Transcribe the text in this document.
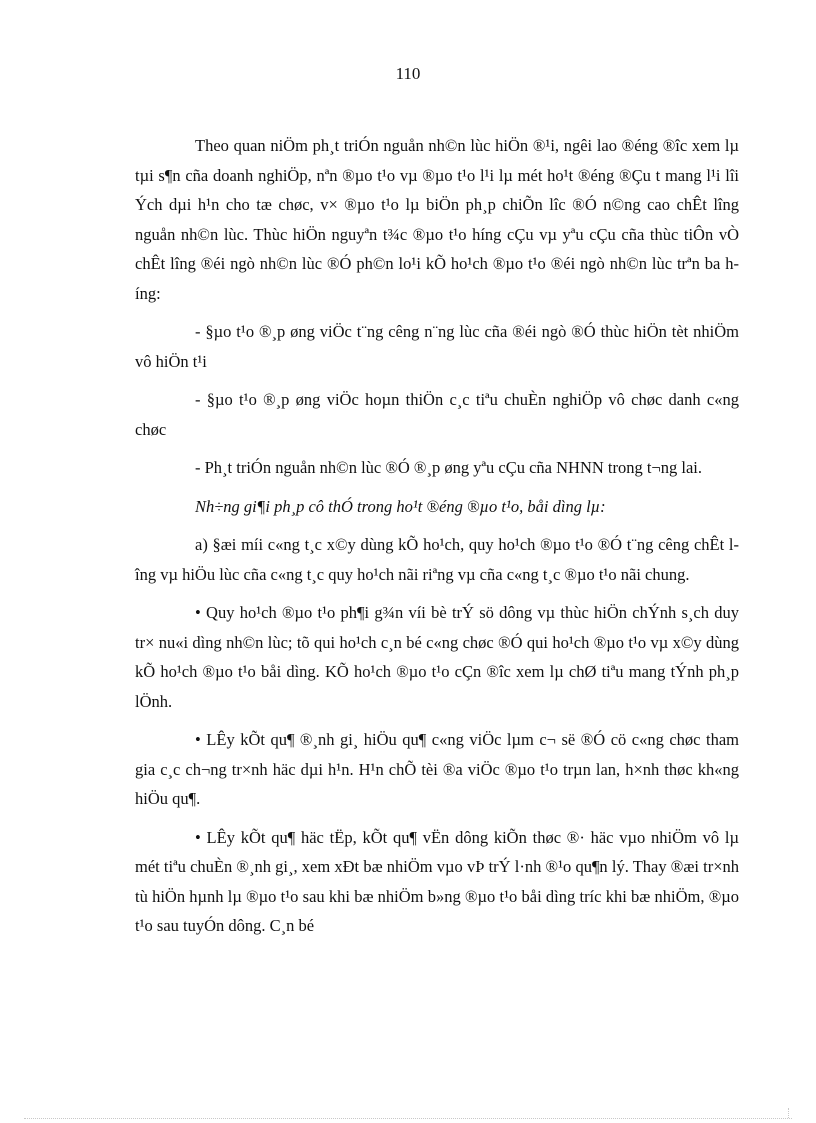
110

Theo quan niÖm ph¸t triÓn nguån nh©n lùc hiÖn ®¹i, ngêi lao ®éng ®îc xem lµ tµi s¶n cña doanh nghiÖp, nªn ®µo t¹o vµ ®µo t¹o l¹i lµ mét ho¹t ®éng ®Çu t mang l¹i lîi Ých dµi h¹n cho tæ chøc, v× ®µo t¹o lµ biÖn ph¸p chiÕn lîc ®Ó n©ng cao chÊt lîng nguån nh©n lùc. Thùc hiÖn nguyªn t¾c ®µo t¹o híng cÇu vµ yªu cÇu cña thùc tiÔn vÒ chÊt lîng ®éi ngò nh©n lùc ®Ó ph©n lo¹i kÕ ho¹ch ®µo t¹o ®éi ngò nh©n lùc trªn ba híng:

- §µo t¹o ®¸p øng viÖc t¨ng cêng n¨ng lùc cña ®éi ngò ®Ó thùc hiÖn tèt nhiÖm vô hiÖn t¹i

- §µo t¹o ®¸p øng viÖc hoµn thiÖn c¸c tiªu chuÈn nghiÖp vô chøc danh c«ng chøc

- Ph¸t triÓn nguån nh©n lùc ®Ó ®¸p øng yªu cÇu cña NHNN trong t¬ng lai.

Nh÷ng gi¶i ph¸p cô thÓ trong ho¹t ®éng ®µo t¹o, båi dìng lµ:

a) §æi míi c«ng t¸c x©y dùng kÕ ho¹ch, quy ho¹ch ®µo t¹o ®Ó t¨ng cêng chÊt lîng vµ hiÖu lùc cña c«ng t¸c quy ho¹ch nãi riªng vµ cña c«ng t¸c ®µo t¹o nãi chung.

• Quy ho¹ch ®µo t¹o ph¶i g¾n víi bè trÝ sö dông vµ thùc hiÖn chÝnh s¸ch duy tr× nu«i dìng nh©n lùc; tõ qui ho¹ch c¸n bé c«ng chøc ®Ó qui ho¹ch ®µo t¹o vµ x©y dùng kÕ ho¹ch ®µo t¹o båi dìng. KÕ ho¹ch ®µo t¹o cÇn ®îc xem lµ chØ tiªu mang tÝnh ph¸p lÖnh.

• LÊy kÕt qu¶ ®¸nh gi¸ hiÖu qu¶ c«ng viÖc lµm c¬ së ®Ó cö c«ng chøc tham gia c¸c ch¬ng tr×nh häc dµi h¹n. H¹n chÕ tèi ®a viÖc ®µo t¹o trµn lan, h×nh thøc kh«ng hiÖu qu¶.

• LÊy kÕt qu¶ häc tËp, kÕt qu¶ vËn dông kiÕn thøc ®· häc vµo nhiÖm vô lµ mét tiªu chuÈn ®¸nh gi¸, xem xÐt bæ nhiÖm vµo vÞ trÝ l·nh ®¹o qu¶n lý. Thay ®æi tr×nh tù hiÖn hµnh lµ ®µo t¹o sau khi bæ nhiÖm b»ng ®µo t¹o båi dìng tríc khi bæ nhiÖm, ®µo t¹o sau tuyÓn dông. C¸n bé
